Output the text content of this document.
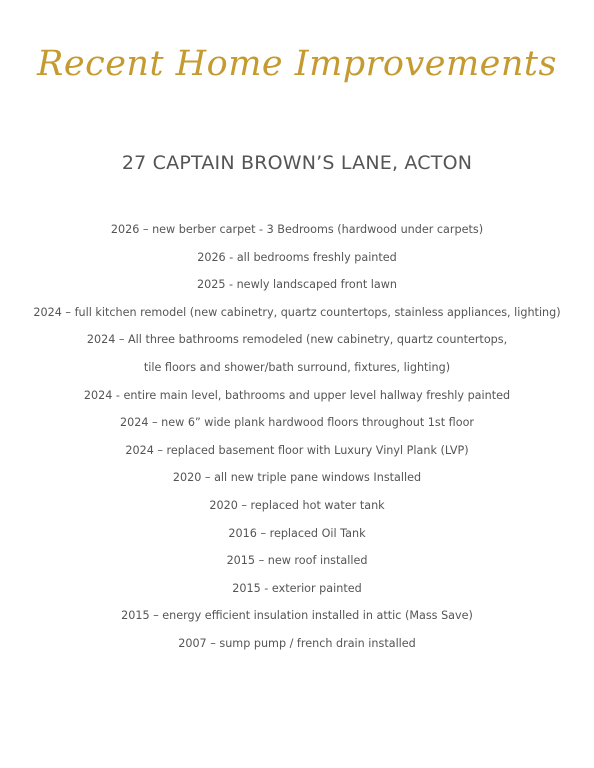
Recent Home Improvements
27 CAPTAIN BROWN’S LANE, ACTON
2026 – new berber carpet - 3 Bedrooms (hardwood under carpets)
2026 - all bedrooms freshly painted
2025 - newly landscaped front lawn
2024 – full kitchen remodel (new cabinetry, quartz countertops, stainless appliances, lighting)
2024 – All three bathrooms remodeled (new cabinetry, quartz countertops,
tile floors and shower/bath surround, fixtures, lighting)
2024 - entire main level, bathrooms and upper level hallway freshly painted
2024 – new 6” wide plank hardwood floors throughout 1st floor
2024 – replaced basement floor with Luxury Vinyl Plank (LVP)
2020 – all new triple pane windows Installed
2020 – replaced hot water tank
2016 – replaced Oil Tank
2015 – new roof installed
2015 - exterior painted
2015 – energy efficient insulation installed in attic (Mass Save)
2007 – sump pump / french drain installed
